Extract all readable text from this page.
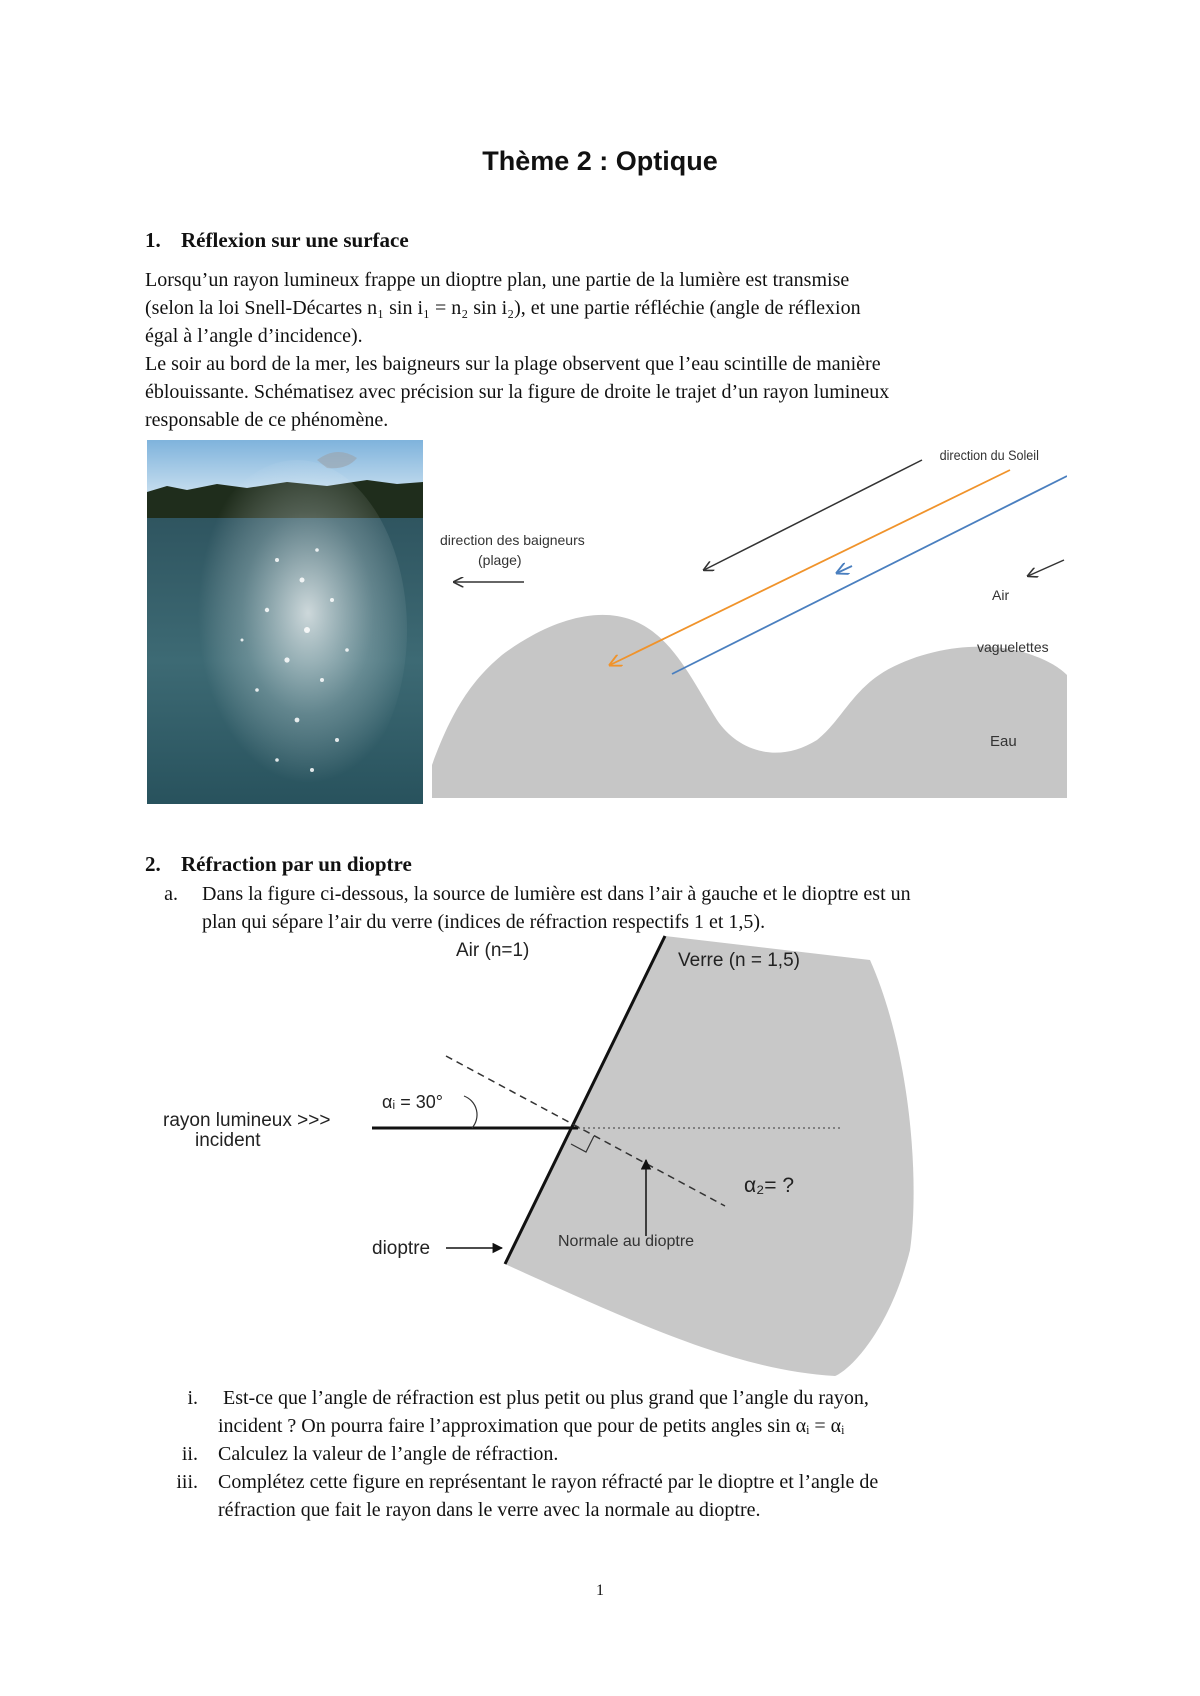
Thème 2 : Optique
1. Réflexion sur une surface

Lorsqu’un rayon lumineux frappe un dioptre plan, une partie de la lumière est transmise

(selon la loi Snell-Décartes n₁ sin i₁ = n₂ sin i₂), et une partie réfléchie (angle de réflexion

égal à l’angle d’incidence).

Le soir au bord de la mer, les baigneurs sur la plage observent que l’eau scintille de manière

éblouissante. Schématisez avec précision sur la figure de droite le trajet d’un rayon lumineux

responsable de ce phénomène.

direction du Soleil
direction des baigneurs
(plage)
Air
vaguelettes
Eau
2. Réfraction par un dioptre
a. Dans la figure ci-dessous, la source de lumière est dans l’air à gauche et le dioptre est un
plan qui sépare l’air du verre (indices de réfraction respectifs 1 et 1,5).
Air (n=1)	Verre (n = 1,5)
αᵢ = 30°
rayon lumineux >>>
incident
α₂= ?
dioptre	Normale au dioptre
i. Est-ce que l’angle de réfraction est plus petit ou plus grand que l’angle du rayon,
incident ? On pourra faire l’approximation que pour de petits angles sin αᵢ = αᵢ
ii. Calculez la valeur de l’angle de réfraction.
iii. Complétez cette figure en représentant le rayon réfracté par le dioptre et l’angle de
réfraction que fait le rayon dans le verre avec la normale au dioptre.
1
